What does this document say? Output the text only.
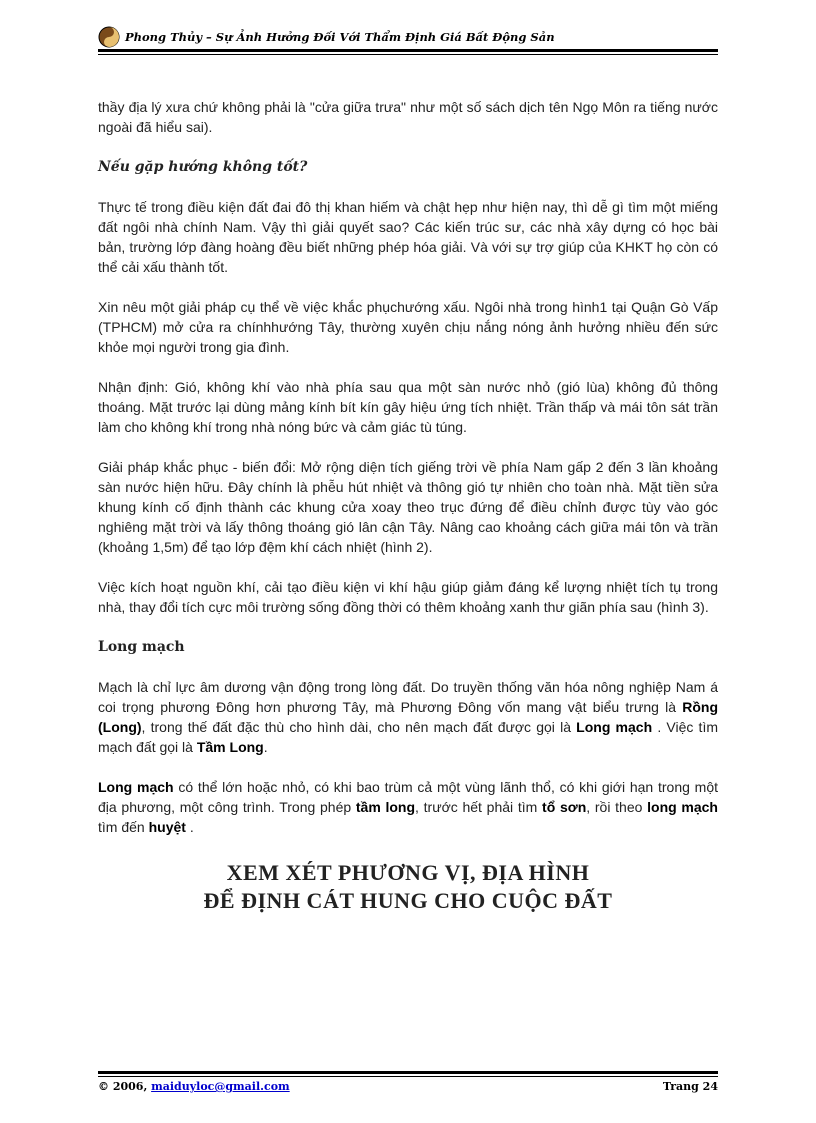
Phong Thủy – Sự Ảnh Hưởng Đối Với Thẩm Định Giá Bất Động Sản

thầy địa lý xưa chứ không phải là "cửa giữa trưa" như một số sách dịch tên Ngọ Môn ra tiếng nước ngoài đã hiểu sai).

Nếu gặp hướng không tốt?

Thực tế trong điều kiện đất đai đô thị khan hiếm và chật hẹp như hiện nay, thì dễ gì tìm một miếng đất ngôi nhà chính Nam. Vậy thì giải quyết sao? Các kiến trúc sư, các nhà xây dựng có học bài bản, trường lớp đàng hoàng đều biết những phép hóa giải. Và với sự trợ giúp của KHKT họ còn có thể cải xấu thành tốt.

Xin nêu một giải pháp cụ thể về việc khắc phụchướng xấu. Ngôi nhà trong hình1 tại Quận Gò Vấp (TPHCM) mở cửa ra chínhhướng Tây, thường xuyên chịu nắng nóng ảnh hưởng nhiều đến sức khỏe mọi người trong gia đình.

Nhận định: Gió, không khí vào nhà phía sau qua một sàn nước nhỏ (gió lùa) không đủ thông thoáng. Mặt trước lại dùng mảng kính bít kín gây hiệu ứng tích nhiệt. Trần thấp và mái tôn sát trần làm cho không khí trong nhà nóng bức và cảm giác tù túng.

Giải pháp khắc phục - biến đổi: Mở rộng diện tích giếng trời về phía Nam gấp 2 đến 3 lần khoảng sàn nước hiện hữu. Đây chính là phễu hút nhiệt và thông gió tự nhiên cho toàn nhà. Mặt tiền sửa khung kính cố định thành các khung cửa xoay theo trục đứng để điều chỉnh được tùy vào góc nghiêng mặt trời và lấy thông thoáng gió lân cận Tây. Nâng cao khoảng cách giữa mái tôn và trần (khoảng 1,5m) để tạo lớp đệm khí cách nhiệt (hình 2).

Việc kích hoạt nguồn khí, cải tạo điều kiện vi khí hậu giúp giảm đáng kể lượng nhiệt tích tụ trong nhà, thay đổi tích cực môi trường sống đồng thời có thêm khoảng xanh thư giãn phía sau (hình 3).

Long mạch

Mạch là chỉ lực âm dương vận động trong lòng đất. Do truyền thống văn hóa nông nghiệp Nam á coi trọng phương Đông hơn phương Tây, mà Phương Đông vốn mang vật biểu trưng là Rồng (Long), trong thế đất đặc thù cho hình dài, cho nên mạch đất được gọi là Long mạch . Việc tìm mạch đất gọi là Tầm Long.

Long mạch có thể lớn hoặc nhỏ, có khi bao trùm cả một vùng lãnh thổ, có khi giới hạn trong một địa phương, một công trình. Trong phép tầm long, trước hết phải tìm tổ sơn, rồi theo long mạch tìm đến huyệt .

XEM XÉT PHƯƠNG VỊ, ĐỊA HÌNH
ĐỂ ĐỊNH CÁT HUNG CHO CUỘC ĐẤT
© 2006, maiduyloc@gmail.com	Trang 24
